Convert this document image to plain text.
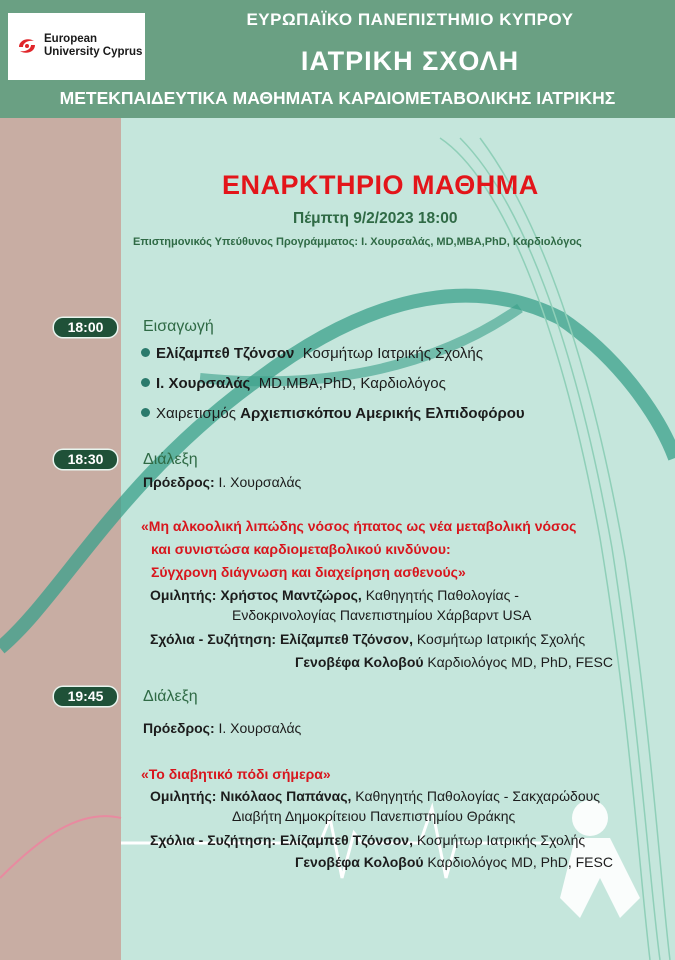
European
University Cyprus
ΕΥΡΩΠΑΪΚΟ ΠΑΝΕΠΙΣΤΗΜΙΟ ΚΥΠΡΟΥ
ΙΑΤΡΙΚΗ ΣΧΟΛΗ
ΜΕΤΕΚΠΑΙΔΕΥΤΙΚΑ ΜΑΘΗΜΑΤΑ ΚΑΡΔΙΟΜΕΤΑΒΟΛΙΚΗΣ ΙΑΤΡΙΚΗΣ
ΕΝΑΡΚΤΗΡΙΟ ΜΑΘΗΜΑ
Πέμπτη 9/2/2023 18:00
Επιστημονικός Υπεύθυνος Προγράμματος: Ι. Χουρσαλάς, MD,MBA,PhD, Καρδιολόγος
18:00	Εισαγωγή
Ελίζαμπεθ Τζόνσον Κοσμήτωρ Ιατρικής Σχολής
Ι. Χουρσαλάς MD,MBA,PhD, Καρδιολόγος
Χαιρετισμός Αρχιεπισκόπου Αμερικής Ελπιδοφόρου
18:30	Διάλεξη
Πρόεδρος: Ι. Χουρσαλάς
«Μη αλκοολική λιπώδης νόσος ήπατος ως νέα μεταβολική νόσος
και συνιστώσα καρδιομεταβολικού κινδύνου:
Σύγχρονη διάγνωση και διαχείρηση ασθενούς»
Ομιλητής: Χρήστος Μαντζώρος, Καθηγητής Παθολογίας -
Ενδοκρινολογίας Πανεπιστημίου Χάρβαρντ USA
Σχόλια - Συζήτηση: Ελίζαμπεθ Τζόνσον, Κοσμήτωρ Ιατρικής Σχολής
Γενοβέφα Κολοβού Καρδιολόγος MD, PhD, FESC
19:45	Διάλεξη
Πρόεδρος: Ι. Χουρσαλάς
«Το διαβητικό πόδι σήμερα»
Ομιλητής: Νικόλαος Παπάνας, Καθηγητής Παθολογίας - Σακχαρώδους
Διαβήτη Δημοκρίτειου Πανεπιστημίου Θράκης
Σχόλια - Συζήτηση: Ελίζαμπεθ Τζόνσον, Κοσμήτωρ Ιατρικής Σχολής
Γενοβέφα Κολοβού Καρδιολόγος MD, PhD, FESC
